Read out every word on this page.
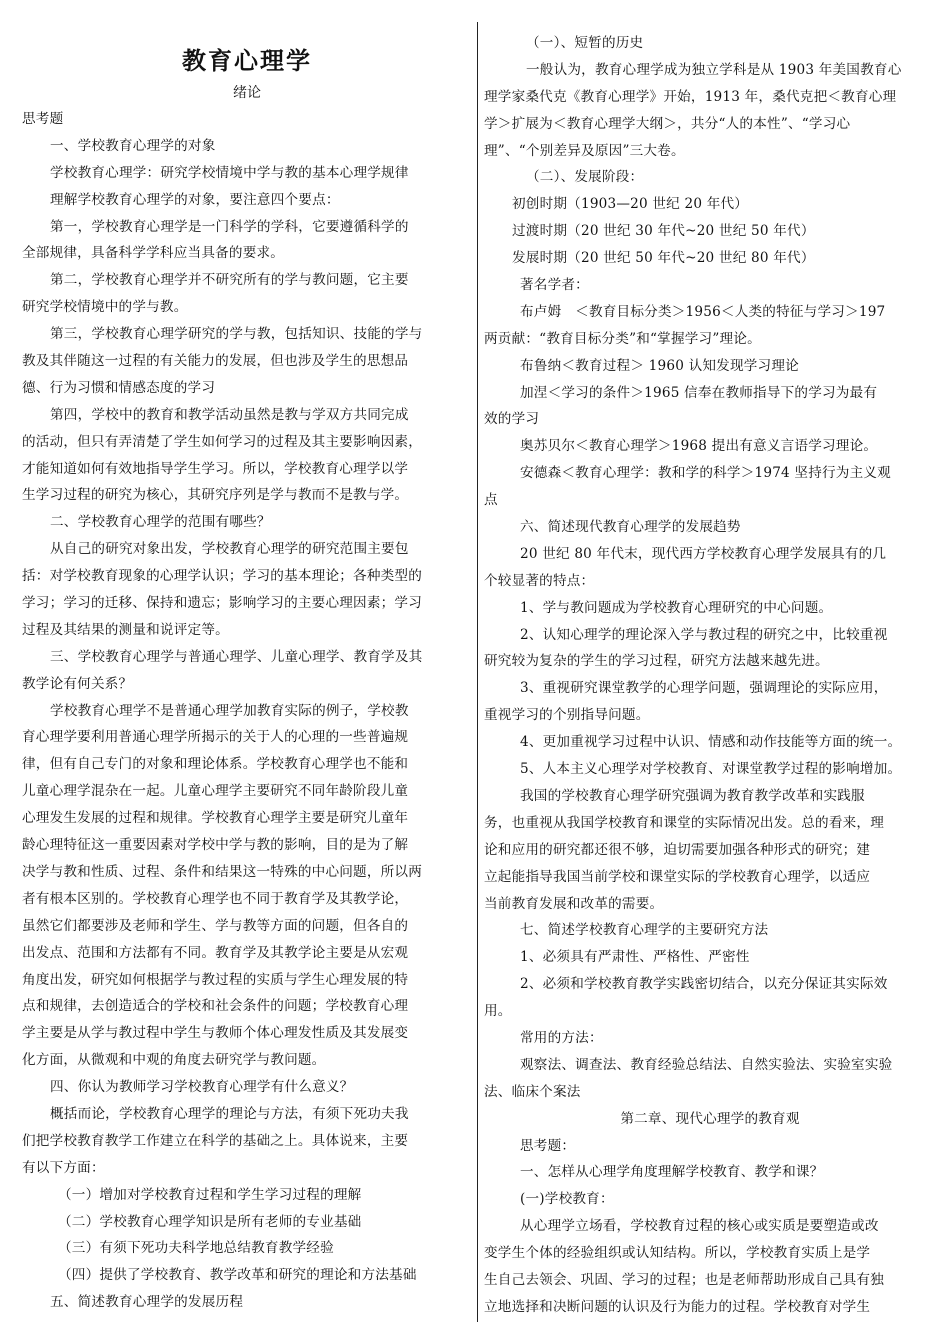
教育心理学
绪论
思考题
一、学校教育心理学的对象
学校教育心理学：研究学校情境中学与教的基本心理学规律
理解学校教育心理学的对象，要注意四个要点：
第一，学校教育心理学是一门科学的学科，它要遵循科学的
全部规律，具备科学学科应当具备的要求。
第二，学校教育心理学并不研究所有的学与教问题，它主要
研究学校情境中的学与教。
第三，学校教育心理学研究的学与教，包括知识、技能的学与
教及其伴随这一过程的有关能力的发展，但也涉及学生的思想品
德、行为习惯和情感态度的学习
第四，学校中的教育和教学活动虽然是教与学双方共同完成
的活动，但只有弄清楚了学生如何学习的过程及其主要影响因素，
才能知道如何有效地指导学生学习。所以，学校教育心理学以学
生学习过程的研究为核心，其研究序列是学与教而不是教与学。
二、学校教育心理学的范围有哪些？
从自己的研究对象出发，学校教育心理学的研究范围主要包
括：对学校教育现象的心理学认识；学习的基本理论；各种类型的
学习；学习的迁移、保持和遗忘；影响学习的主要心理因素；学习
过程及其结果的测量和说评定等。
三、学校教育心理学与普通心理学、儿童心理学、教育学及其
教学论有何关系？
学校教育心理学不是普通心理学加教育实际的例子，学校教
育心理学要利用普通心理学所揭示的关于人的心理的一些普遍规
律，但有自己专门的对象和理论体系。学校教育心理学也不能和
儿童心理学混杂在一起。儿童心理学主要研究不同年龄阶段儿童
心理发生发展的过程和规律。学校教育心理学主要是研究儿童年
龄心理特征这一重要因素对学校中学与教的影响，目的是为了解
决学与教和性质、过程、条件和结果这一特殊的中心问题，所以两
者有根本区别的。学校教育心理学也不同于教育学及其教学论，
虽然它们都要涉及老师和学生、学与教等方面的问题，但各自的
出发点、范围和方法都有不同。教育学及其教学论主要是从宏观
角度出发，研究如何根据学与教过程的实质与学生心理发展的特
点和规律，去创造适合的学校和社会条件的问题；学校教育心理
学主要是从学与教过程中学生与教师个体心理发性质及其发展变
化方面，从微观和中观的角度去研究学与教问题。
四、你认为教师学习学校教育心理学有什么意义？
概括而论，学校教育心理学的理论与方法，有须下死功夫我
们把学校教育教学工作建立在科学的基础之上。具体说来，主要
有以下方面：
（一）增加对学校教育过程和学生学习过程的理解
（二）学校教育心理学知识是所有老师的专业基础
（三）有须下死功夫科学地总结教育教学经验
（四）提供了学校教育、教学改革和研究的理论和方法基础
五、简述教育心理学的发展历程
（一）、短暂的历史
一般认为，教育心理学成为独立学科是从 1903 年美国教育心
理学家桑代克《教育心理学》开始，1913 年，桑代克把＜教育心理
学＞扩展为＜教育心理学大纲＞，共分“人的本性”、“学习心
理”、“个别差异及原因”三大卷。
（二）、发展阶段：
初创时期（1903—20 世纪 20 年代）
过渡时期（20 世纪 30 年代~20 世纪 50 年代）
发展时期（20 世纪 50 年代~20 世纪 80 年代）
著名学者：
布卢姆　＜教育目标分类＞1956＜人类的特征与学习＞197
两贡献：“教育目标分类”和“掌握学习”理论。
布鲁纳＜教育过程＞ 1960 认知发现学习理论
加涅＜学习的条件＞1965 信奉在教师指导下的学习为最有
效的学习
奥苏贝尔＜教育心理学＞1968 提出有意义言语学习理论。
安德森＜教育心理学：教和学的科学＞1974 坚持行为主义观
点
六、简述现代教育心理学的发展趋势
20 世纪 80 年代末，现代西方学校教育心理学发展具有的几
个较显著的特点：
1、学与教问题成为学校教育心理研究的中心问题。
2、认知心理学的理论深入学与教过程的研究之中，比较重视
研究较为复杂的学生的学习过程，研究方法越来越先进。
3、重视研究课堂教学的心理学问题，强调理论的实际应用，
重视学习的个别指导问题。
4、更加重视学习过程中认识、情感和动作技能等方面的统一。
5、人本主义心理学对学校教育、对课堂教学过程的影响增加。
我国的学校教育心理学研究强调为教育教学改革和实践服
务，也重视从我国学校教育和课堂的实际情况出发。总的看来，理
论和应用的研究都还很不够，迫切需要加强各种形式的研究；建
立起能指导我国当前学校和课堂实际的学校教育心理学，以适应
当前教育发展和改革的需要。
七、简述学校教育心理学的主要研究方法
1、必须具有严肃性、严格性、严密性
2、必须和学校教育教学实践密切结合，以充分保证其实际效
用。
常用的方法：
观察法、调查法、教育经验总结法、自然实验法、实验室实验
法、临床个案法
第二章、现代心理学的教育观
思考题：
一、怎样从心理学角度理解学校教育、教学和课？
(一)学校教育：
从心理学立场看，学校教育过程的核心或实质是要塑造或改
变学生个体的经验组织或认知结构。所以，学校教育实质上是学
生自己去领会、巩固、学习的过程；也是老师帮助形成自己具有独
立地选择和决断问题的认识及行为能力的过程。学校教育对学生
